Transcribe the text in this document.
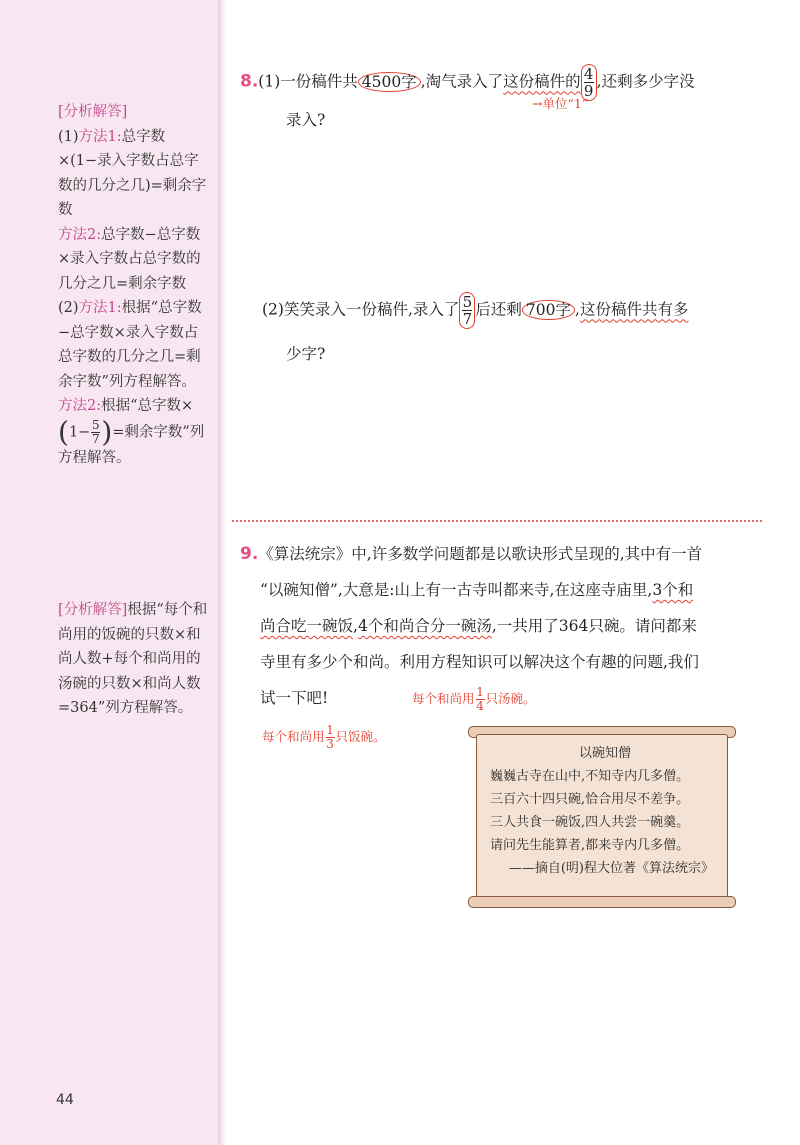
[分析解答]

(1)方法1:总字数×(1−录入字数占总字数的几分之几)=剩余字数

方法2:总字数−总字数×录入字数占总字数的几分之几=剩余字数

(2)方法1:根据“总字数−总字数×录入字数占总字数的几分之几=剩余字数”列方程解答。

方法2:根据“总字数×

($1- \frac{5}{7}$ )=剩余字数”列方程解答。

[分析解答]根据“每个和尚用的饭碗的只数×和尚人数+每个和尚用的汤碗的只数×和尚人数=364”列方程解答。

8.(1)一份稿件共 4500字 ,淘气录入了这份稿件的 $\frac{4}{9}$ ,还剩多少字没
→单位“1”
录入?
(2)笑笑录入一份稿件,录入了 $\frac{5}{7}$ 后还剩 700字 ,这份稿件共有多
少字?
9.《算法统宗》中,许多数学问题都是以歌诀形式呈现的,其中有一首
“以碗知僧”,大意是:山上有一古寺叫都来寺,在这座寺庙里,3个和
尚合吃一碗饭,4个和尚合分一碗汤,一共用了364只碗。请问都来
寺里有多少个和尚。利用方程知识可以解决这个有趣的问题,我们
试一下吧!	每个和尚用 $\frac{1}{4}$ 只汤碗。
每个和尚用 $\frac{1}{3}$ 只饭碗。
以碗知僧
巍巍古寺在山中,不知寺内几多僧。
三百六十四只碗,恰合用尽不差争。
三人共食一碗饭,四人共尝一碗羹。
请问先生能算者,都来寺内几多僧。
——摘自(明)程大位著《算法统宗》
44
